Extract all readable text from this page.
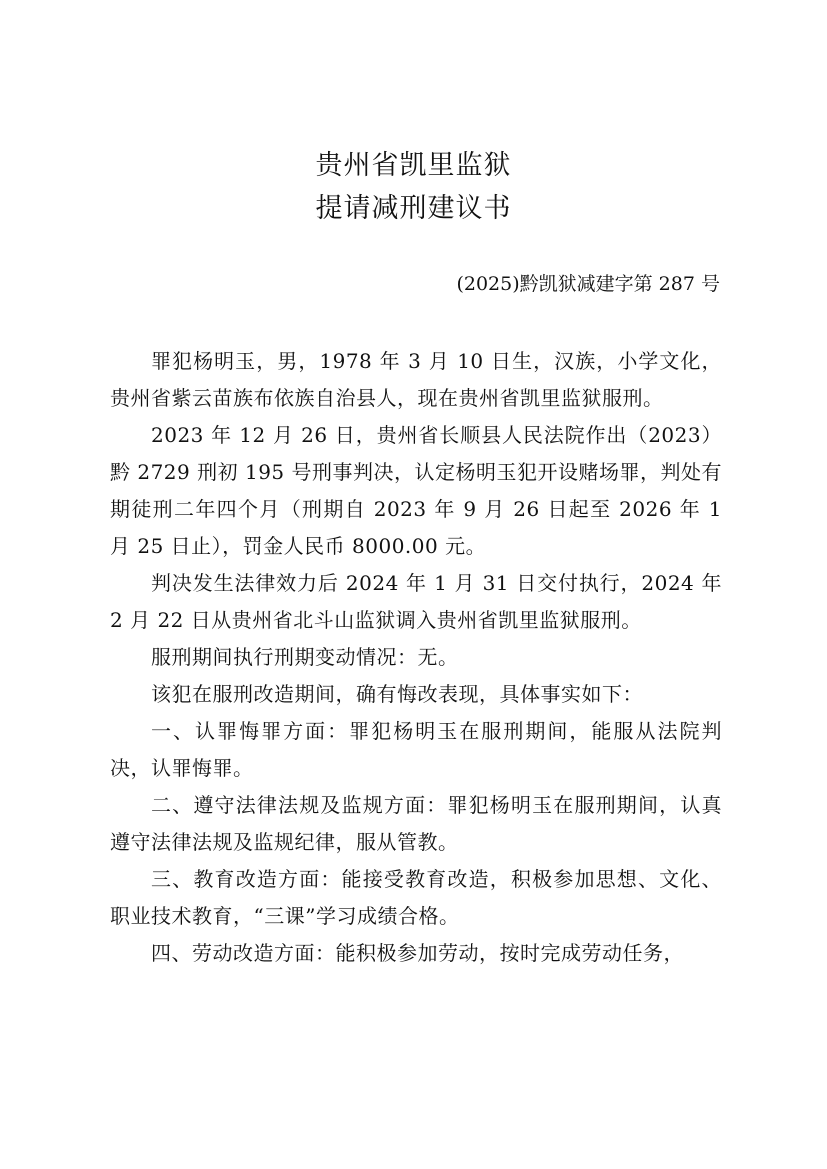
贵州省凯里监狱
提请减刑建议书
(2025)黔凯狱减建字第 287 号

罪犯杨明玉，男，1978 年 3 月 10 日生，汉族，小学文化，贵州省紫云苗族布依族自治县人，现在贵州省凯里监狱服刑。

2023 年 12 月 26 日，贵州省长顺县人民法院作出（2023）黔 2729 刑初 195 号刑事判决，认定杨明玉犯开设赌场罪，判处有期徒刑二年四个月（刑期自 2023 年 9 月 26 日起至 2026 年 1 月 25 日止），罚金人民币 8000.00 元。

判决发生法律效力后 2024 年 1 月 31 日交付执行，2024 年 2 月 22 日从贵州省北斗山监狱调入贵州省凯里监狱服刑。

服刑期间执行刑期变动情况：无。

该犯在服刑改造期间，确有悔改表现，具体事实如下：

一、认罪悔罪方面：罪犯杨明玉在服刑期间，能服从法院判决，认罪悔罪。

二、遵守法律法规及监规方面：罪犯杨明玉在服刑期间，认真遵守法律法规及监规纪律，服从管教。

三、教育改造方面：能接受教育改造，积极参加思想、文化、职业技术教育，“三课”学习成绩合格。

四、劳动改造方面：能积极参加劳动，按时完成劳动任务，
